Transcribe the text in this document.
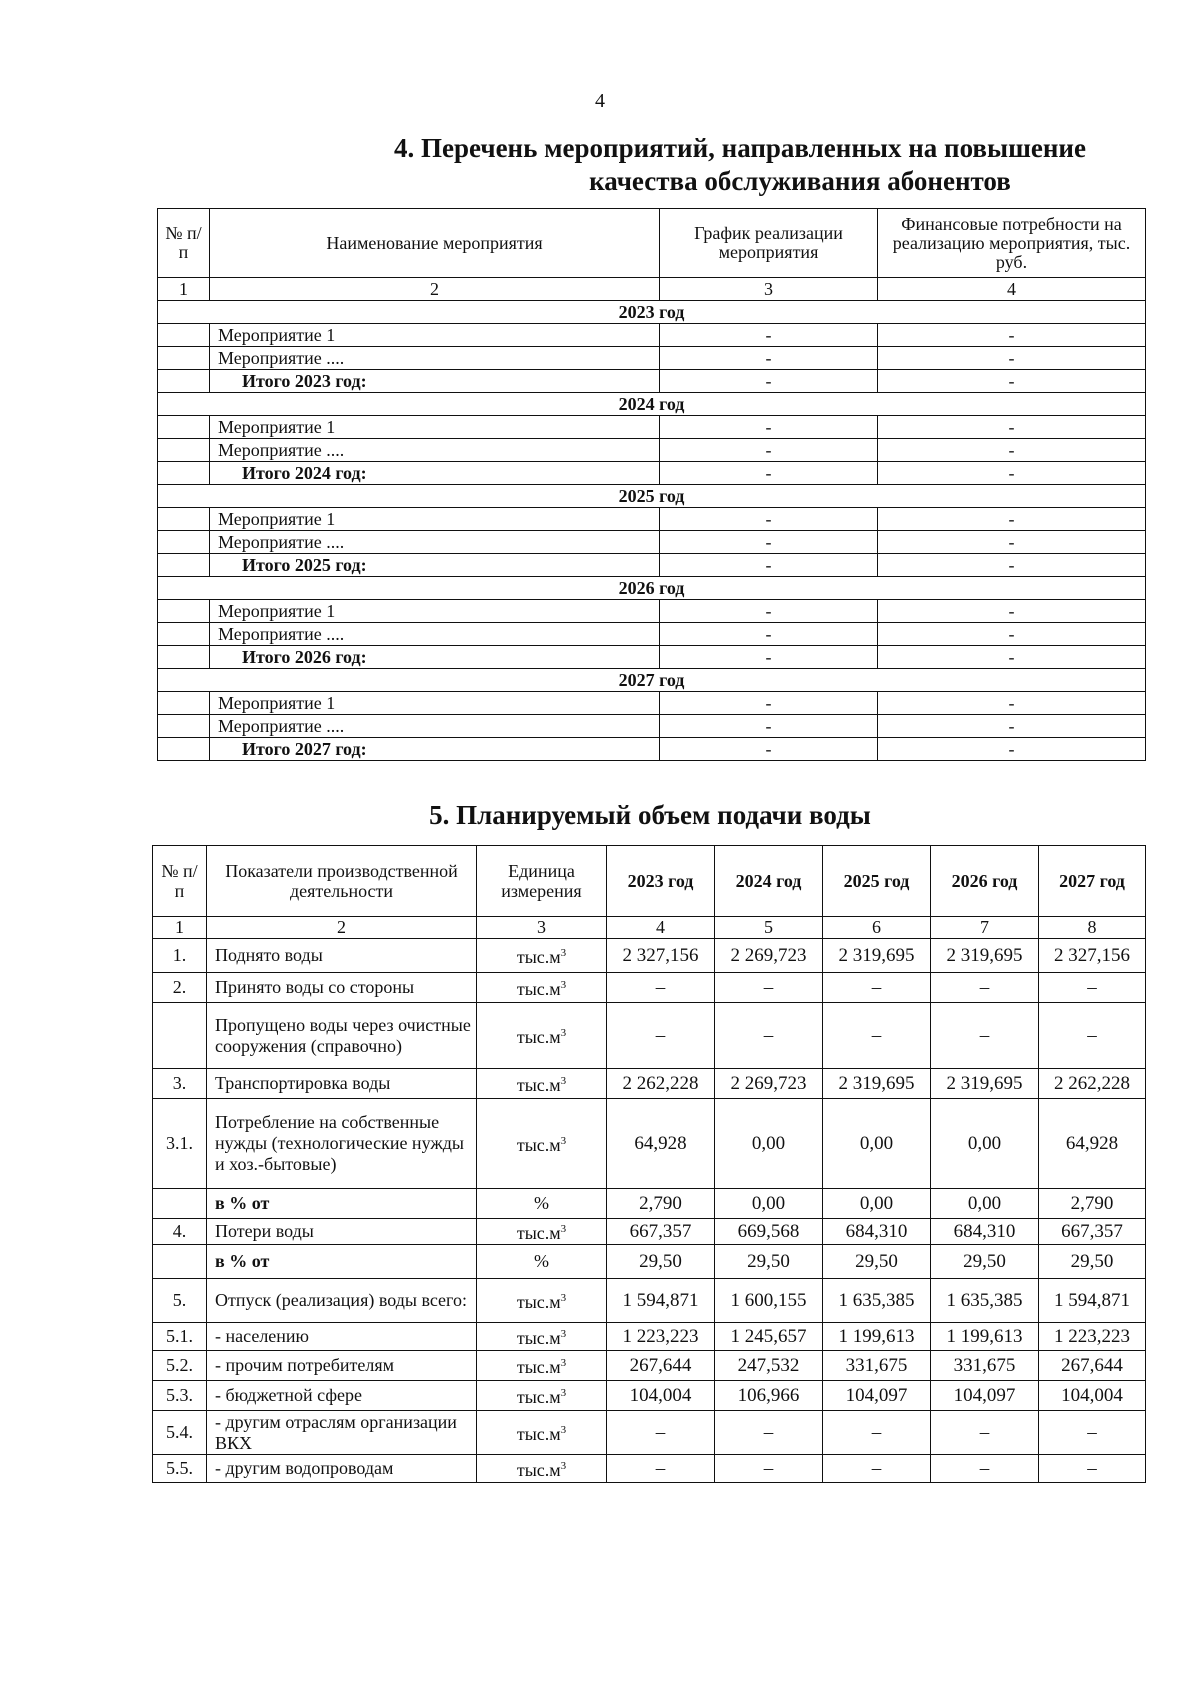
4
4. Перечень мероприятий, направленных на повышение
качества обслуживания абонентов
№ п/п	Наименование мероприятия	График реализации мероприятия	Финансовые потребности на реализацию мероприятия, тыс. руб.
1	2	3	4
2023 год			
	Мероприятие 1	-	-
	Мероприятие ....	-	-
	Итого 2023 год:	-	-
2024 год			
	Мероприятие 1	-	-
	Мероприятие ....	-	-
	Итого 2024 год:	-	-
2025 год			
	Мероприятие 1	-	-
	Мероприятие ....	-	-
	Итого 2025 год:	-	-
2026 год			
	Мероприятие 1	-	-
	Мероприятие ....	-	-
	Итого 2026 год:	-	-
2027 год			
	Мероприятие 1	-	-
	Мероприятие ....	-	-
	Итого 2027 год:	-	-
5. Планируемый объем подачи воды
№ п/п	Показатели производственной деятельности	Единица измерения	2023 год	2024 год	2025 год	2026 год	2027 год
1	2	3	4	5	6	7	8
1.	Поднято воды	$тыс.м^3$	2 327,156	2 269,723	2 319,695	2 319,695	2 327,156
2.	Принято воды со стороны	$тыс.м^3$	–	–	–	–	–
	Пропущено воды через очистные сооружения (справочно)	$тыс.м^3$	–	–	–	–	–
3.	Транспортировка воды	$тыс.м^3$	2 262,228	2 269,723	2 319,695	2 319,695	2 262,228
3.1.	Потребление на собственные нужды (технологические нужды и хоз.-бытовые)	$тыс.м^3$	64,928	0,00	0,00	0,00	64,928
	в % от	%	2,790	0,00	0,00	0,00	2,790
4.	Потери воды	$тыс.м^3$	667,357	669,568	684,310	684,310	667,357
	в % от	%	29,50	29,50	29,50	29,50	29,50
5.	Отпуск (реализация) воды всего:	$тыс.м^3$	1 594,871	1 600,155	1 635,385	1 635,385	1 594,871
5.1.	- населению	$тыс.м^3$	1 223,223	1 245,657	1 199,613	1 199,613	1 223,223
5.2.	- прочим потребителям	$тыс.м^3$	267,644	247,532	331,675	331,675	267,644
5.3.	- бюджетной сфере	$тыс.м^3$	104,004	106,966	104,097	104,097	104,004
5.4.	- другим отраслям организации ВКХ	$тыс.м^3$	–	–	–	–	–
5.5.	- другим водопроводам	$тыс.м^3$	–	–	–	–	–
